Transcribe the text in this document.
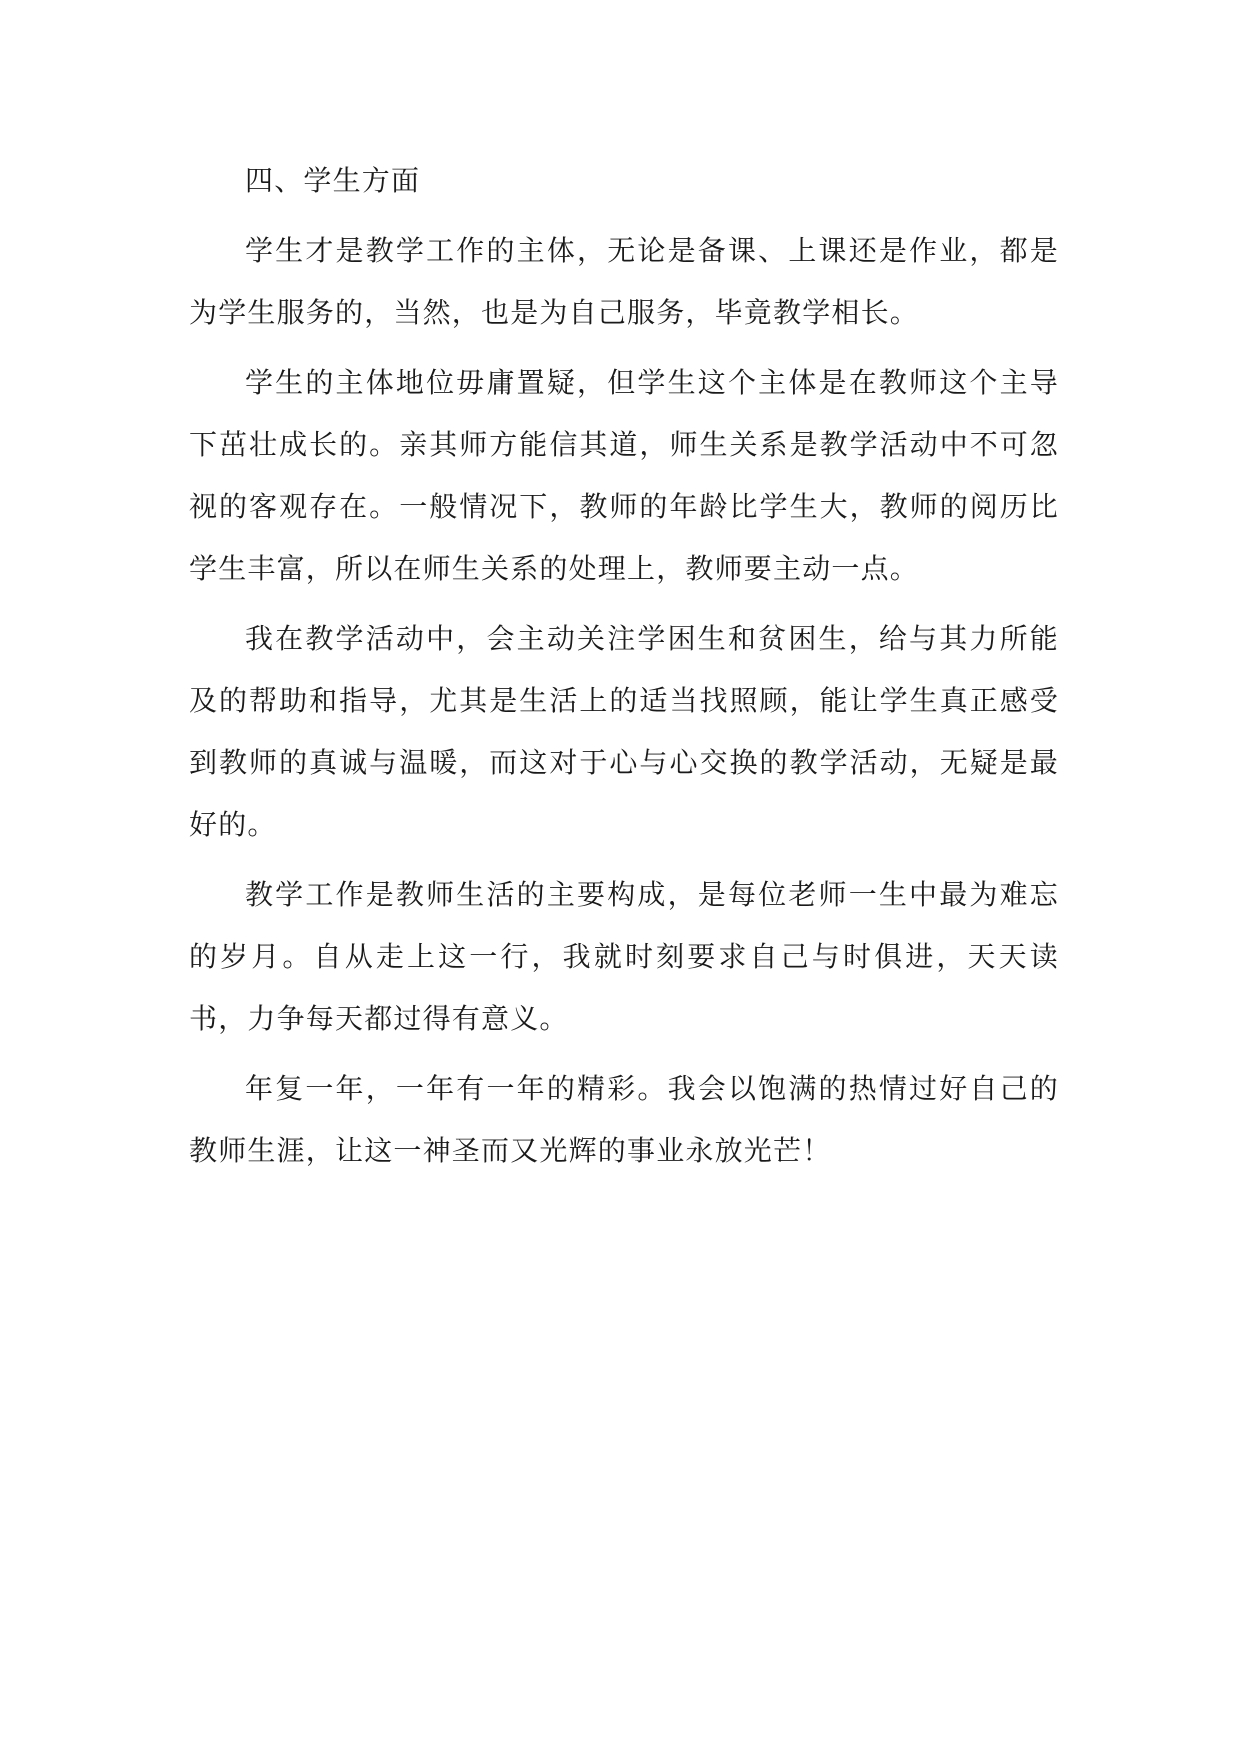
四、学生方面

学生才是教学工作的主体，无论是备课、上课还是作业，都是为学生服务的，当然，也是为自己服务，毕竟教学相长。

学生的主体地位毋庸置疑，但学生这个主体是在教师这个主导下茁壮成长的。亲其师方能信其道，师生关系是教学活动中不可忽视的客观存在。一般情况下，教师的年龄比学生大，教师的阅历比学生丰富，所以在师生关系的处理上，教师要主动一点。

我在教学活动中，会主动关注学困生和贫困生，给与其力所能及的帮助和指导，尤其是生活上的适当找照顾，能让学生真正感受到教师的真诚与温暖，而这对于心与心交换的教学活动，无疑是最好的。

教学工作是教师生活的主要构成，是每位老师一生中最为难忘的岁月。自从走上这一行，我就时刻要求自己与时俱进，天天读书，力争每天都过得有意义。

年复一年，一年有一年的精彩。我会以饱满的热情过好自己的教师生涯，让这一神圣而又光辉的事业永放光芒！
